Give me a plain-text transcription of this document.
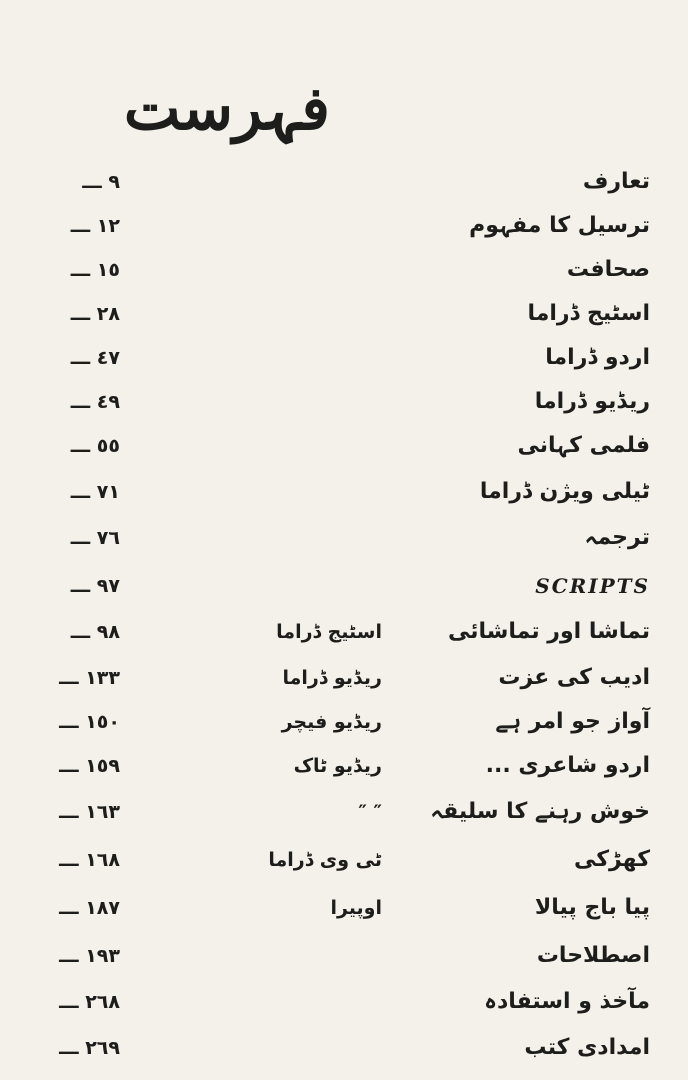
فہرست
تعارف
٩ ـــ
ترسیل کا مفہوم
١٢ ـــ
صحافت
١٥ ـــ
اسٹیج ڈراما
٢٨ ـــ
اردو ڈراما
٤٧ ـــ
ریڈیو ڈراما
٤٩ ـــ
فلمی کہانی
٥٥ ـــ
ٹیلی ویژن ڈراما
٧١ ـــ
ترجمہ
٧٦ ـــ
SCRIPTS
٩٧ ـــ
تماشا اور تماشائی
اسٹیج ڈراما
٩٨ ـــ
ادیب کی عزت
ریڈیو ڈراما
١٣٣ ـــ
آواز جو امر ہے
ریڈیو فیچر
١٥٠ ـــ
اردو شاعری ...
ریڈیو ٹاک
١٥٩ ـــ
خوش رہنے کا سلیقہ
″ ″
١٦٣ ـــ
کھڑکی
ٹی وی ڈراما
١٦٨ ـــ
پیا باج پیالا
اوپیرا
١٨٧ ـــ
اصطلاحات
١٩٣ ـــ
مآخذ و استفادہ
٢٦٨ ـــ
امدادی کتب
٢٦٩ ـــ
